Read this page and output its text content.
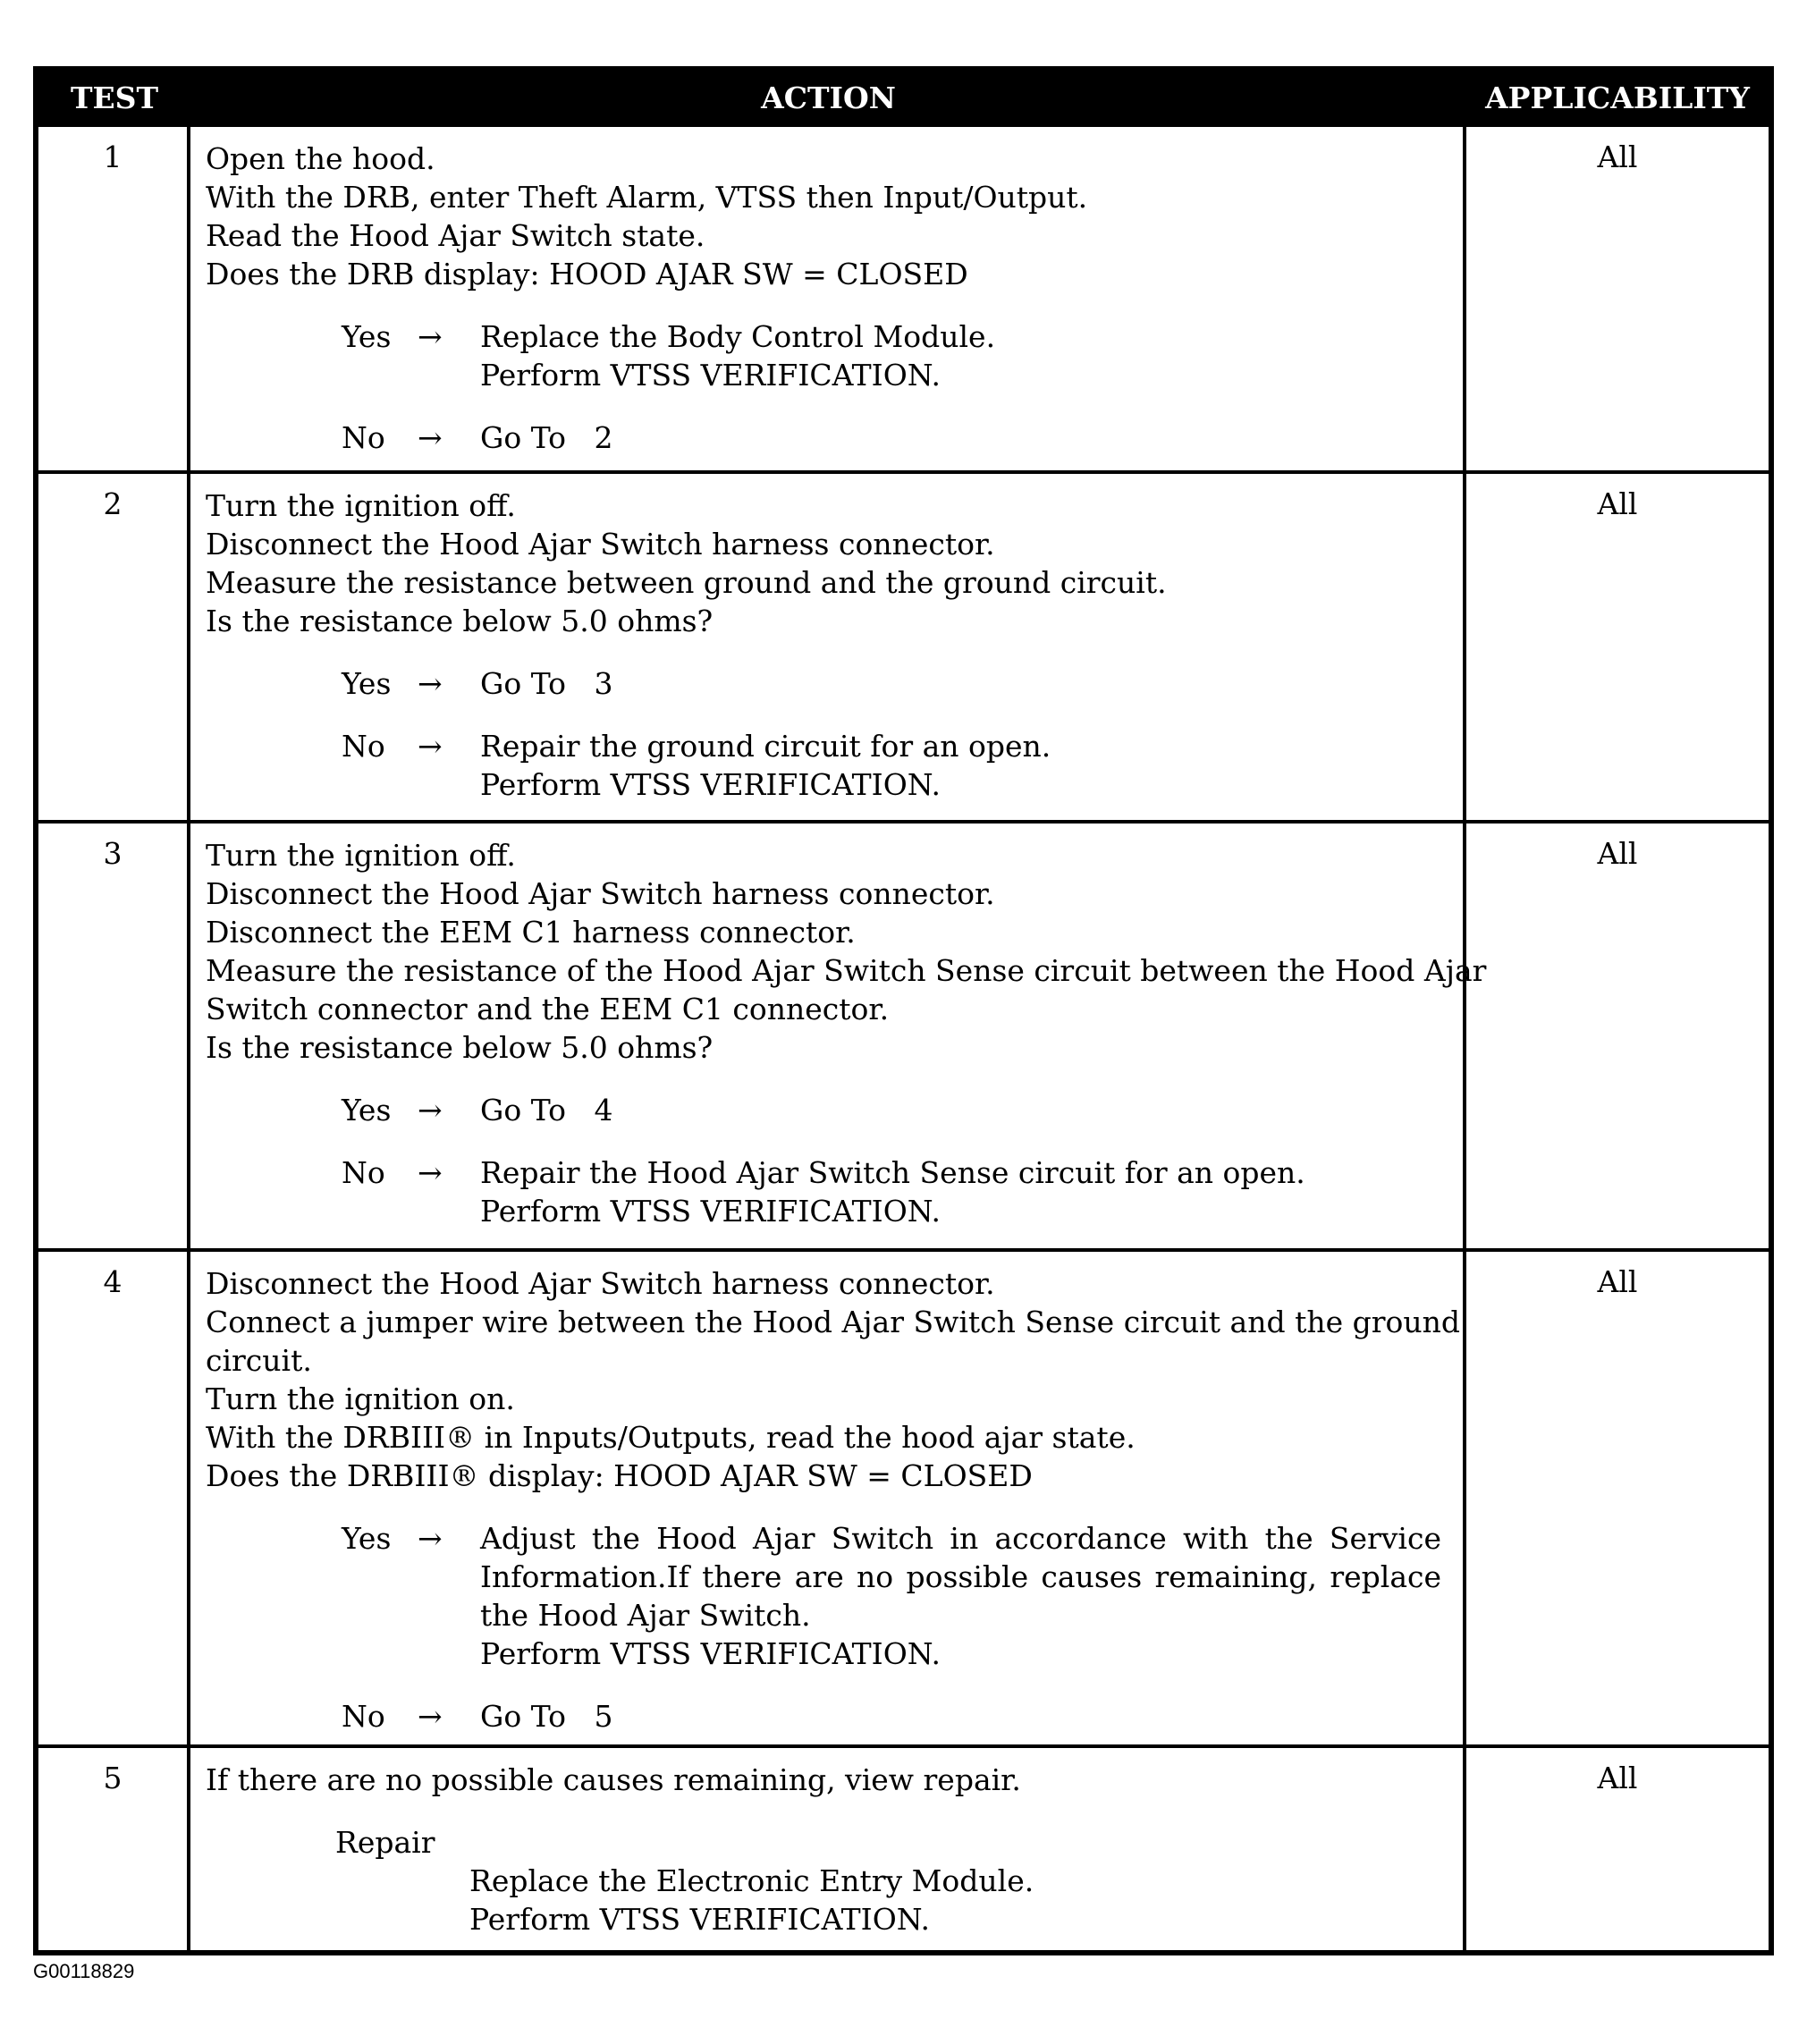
TEST	ACTION	APPLICABILITY
1	Open the hood.
With the DRB, enter Theft Alarm, VTSS then Input/Output.
Read the Hood Ajar Switch state.
Does the DRB display: HOOD AJAR SW = CLOSED
Yes →	Replace the Body Control Module.
Perform VTSS VERIFICATION.
No	→	Go To   2
All
2	Turn the ignition off.
Disconnect the Hood Ajar Switch harness connector.
Measure the resistance between ground and the ground circuit.
Is the resistance below 5.0 ohms?
Yes →	Go To   3
No	→	Repair the ground circuit for an open.
Perform VTSS VERIFICATION.
All
3	Turn the ignition off.
Disconnect the Hood Ajar Switch harness connector.
Disconnect the EEM C1 harness connector.
Measure the resistance of the Hood Ajar Switch Sense circuit between the Hood Ajar
Switch connector and the EEM C1 connector.
Is the resistance below 5.0 ohms?
Yes →	Go To   4
No	→	Repair the Hood Ajar Switch Sense circuit for an open.
Perform VTSS VERIFICATION.
All
4	Disconnect the Hood Ajar Switch harness connector.
Connect a jumper wire between the Hood Ajar Switch Sense circuit and the ground
circuit.
Turn the ignition on.
With the DRBIII® in Inputs/Outputs, read the hood ajar state.
Does the DRBIII® display: HOOD AJAR SW = CLOSED
Yes →	Adjust the Hood Ajar Switch in accordance with the Service Information.If there are no possible causes remaining, replace the Hood Ajar Switch.
Perform VTSS VERIFICATION.
No	→	Go To   5
All
5	If there are no possible causes remaining, view repair.
Repair
Replace the Electronic Entry Module.
Perform VTSS VERIFICATION.
All
G00118829
